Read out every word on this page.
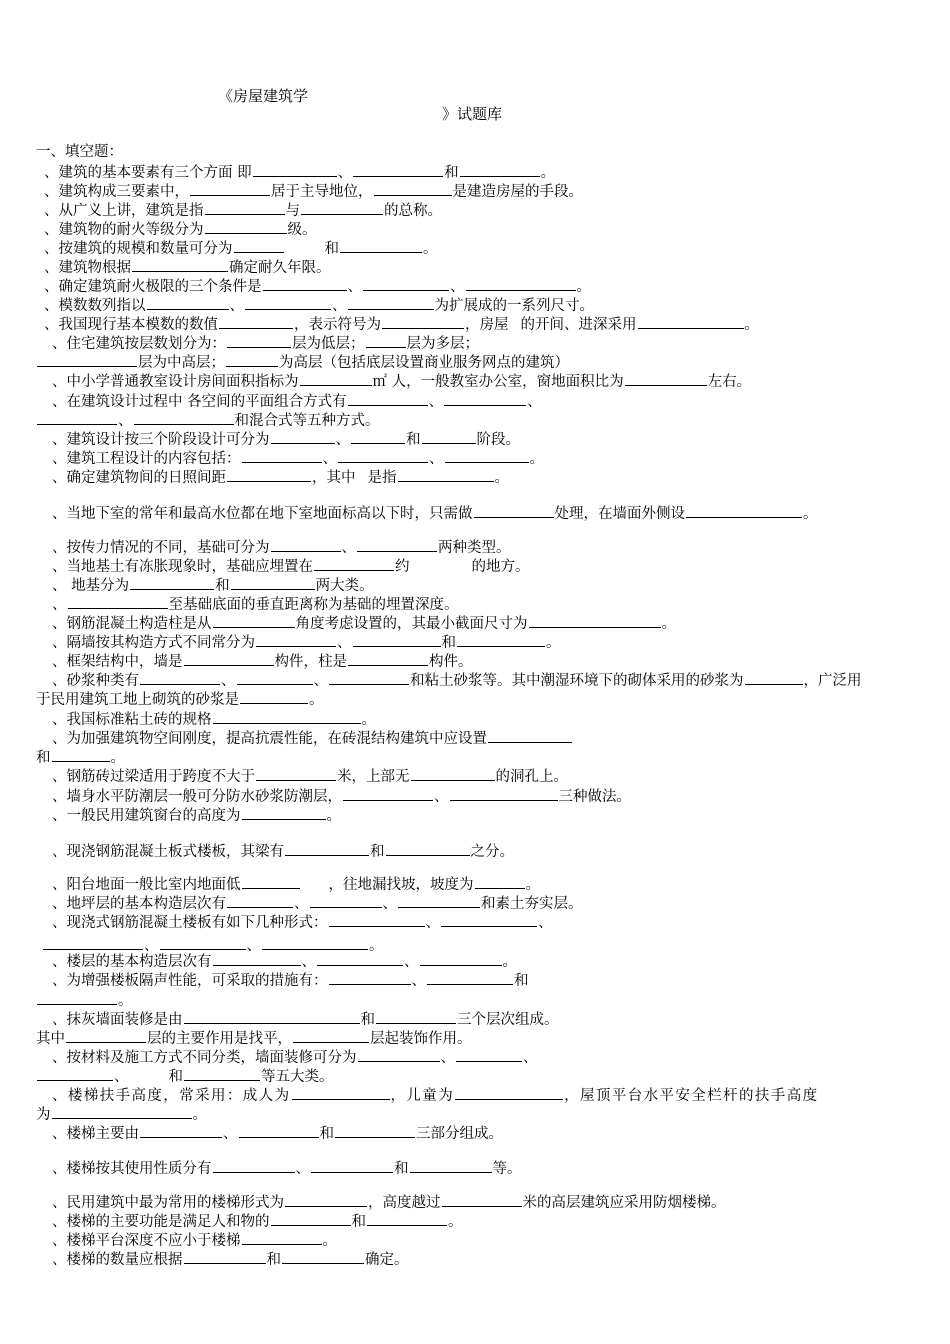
《房屋建筑学
》试题库
一、填空题：
、建筑的基本要素有三个方面 即	、	和	。
、建筑构成三要素中，	居于主导地位，	是建造房屋的手段。
、从广义上讲，建筑是指	与	的总称。
、建筑物的耐火等级分为	级。
、按建筑的规模和数量可分为	和	。
、建筑物根据	确定耐久年限。
、确定建筑耐火极限的三个条件是	、	、	。
、模数数列指以	、	、	为扩展成的一系列尺寸。
、我国现行基本模数的数值	，表示符号为	，房屋 的开间、进深采用	。
、住宅建筑按层数划分为：	层为低层；	层为多层；
层为中高层；	为高层（包括底层设置商业服务网点的建筑）
、中小学普通教室设计房间面积指标为	㎡ 人，一般教室办公室，窗地面积比为	左右。
、在建筑设计过程中 各空间的平面组合方式有	、	、
、	和混合式等五种方式。
、建筑设计按三个阶段设计可分为	、	和	阶段。
、建筑工程设计的内容包括：	、	、	。
、确定建筑物间的日照间距	，其中 是指	。
、当地下室的常年和最高水位都在地下室地面标高以下时，只需做	处理，在墙面外侧设	。
、按传力情况的不同，基础可分为	、	两种类型。
、当地基土有冻胀现象时，基础应埋置在	约	的地方。
、 地基分为	和	两大类。
、	至基础底面的垂直距离称为基础的埋置深度。
、钢筋混凝土构造柱是从	角度考虑设置的，其最小截面尺寸为	。
、隔墙按其构造方式不同常分为	、	和	。
、框架结构中，墙是	构件，柱是	构件。
、砂浆种类有	、	、	和粘土砂浆等。其中潮湿环境下的砌体采用的砂浆为	，广泛用
于民用建筑工地上砌筑的砂浆是	。
、我国标准粘土砖的规格	。
、为加强建筑物空间刚度，提高抗震性能，在砖混结构建筑中应设置
和	。
、钢筋砖过梁适用于跨度不大于	米，上部无	的洞孔上。
、墙身水平防潮层一般可分防水砂浆防潮层，	、	三种做法。
、一般民用建筑窗台的高度为	。
、现浇钢筋混凝土板式楼板，其梁有	和	之分。
、阳台地面一般比室内地面低	，往地漏找坡，坡度为	。
、地坪层的基本构造层次有	、	、	和素土夯实层。
、现浇式钢筋混凝土楼板有如下几种形式：	、	、
、	、	。
、楼层的基本构造层次有	、	、	。
、为增强楼板隔声性能，可采取的措施有：	、	和
。
、抹灰墙面装修是由	和	三个层次组成。
其中	层的主要作用是找平，	层起装饰作用。
、按材料及施工方式不同分类，墙面装修可分为	、	、
、	和	等五大类。
、楼梯扶手高度，常采用：成人为	，儿童为	，屋顶平台水平安全栏杆的扶手高度
为	。
、楼梯主要由	、	和	三部分组成。
、楼梯按其使用性质分有	、	和	等。
、民用建筑中最为常用的楼梯形式为	，高度越过	米的高层建筑应采用防烟楼梯。
、楼梯的主要功能是满足人和物的	和	。
、楼梯平台深度不应小于楼梯	。
、楼梯的数量应根据	和	确定。
